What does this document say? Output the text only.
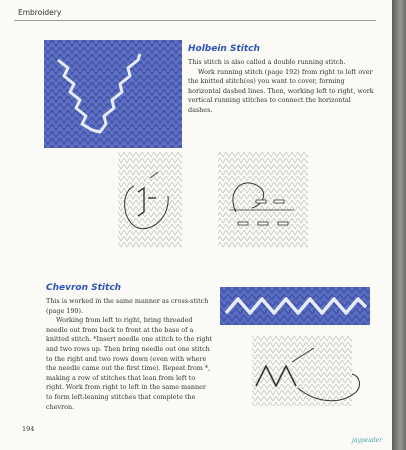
Embroidery
Holbein Stitch

This stitch is also called a double running stitch.

Work running stitch (page 192) from right to left over the knitted stitch(es) you want to cover, forming horizontal dashed lines. Then, working left to right, work vertical running stitches to connect the horizontal dashes.

Chevron Stitch

This is worked in the same manner as cross-stitch (page 190).

Working from left to right, bring threaded needle out from back to front at the base of a knitted stitch. *Insert needle one stitch to the right and two rows up. Then bring needle out one stitch to the right and two rows down (even with where the needle came out the first time). Repeat from *, making a row of stitches that lean from left to right. Work from right to left in the same manner to form left-leaning stitches that complete the chevron.

194
jaypeader
